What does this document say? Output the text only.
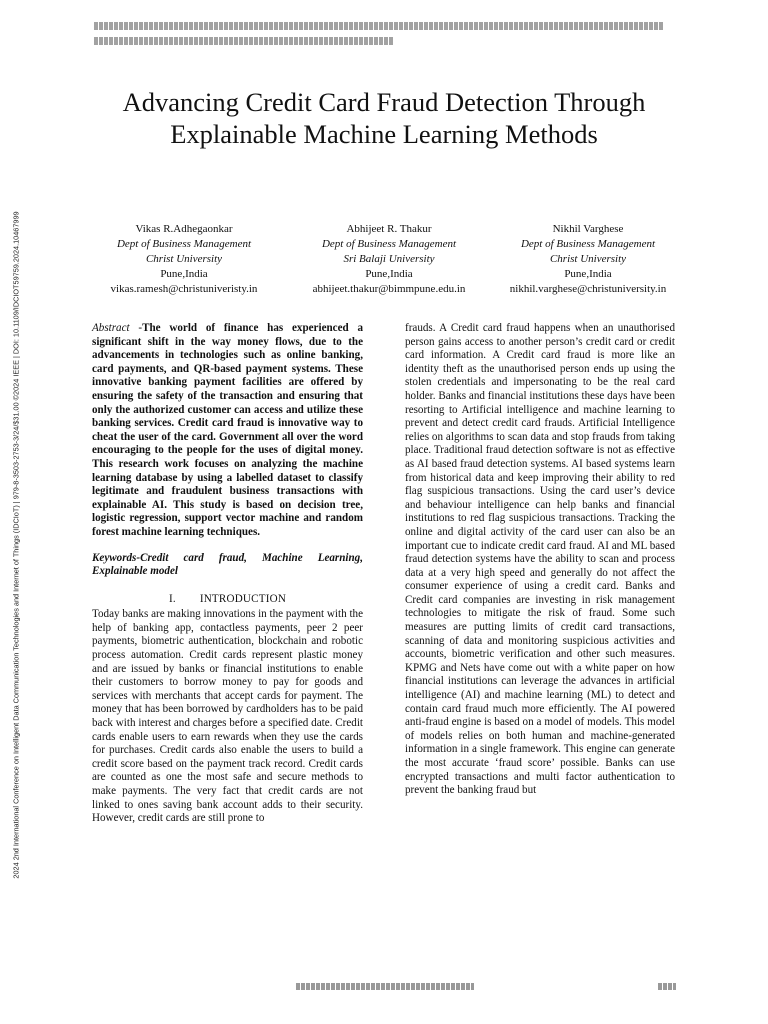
2024 2nd International Conference on Intelligent Data Communication Technologies and Internet of Things (IDCIoT) | 979-8-3503-2753-3/24/$31.00 ©2024 IEEE | DOI: 10.1109/IDCIOT59759.2024.10467999
Advancing Credit Card Fraud Detection Through Explainable Machine Learning Methods
Vikas R.Adhegaonkar
Dept of Business Management
Christ University
Pune,India
vikas.ramesh@christuniveristy.in
Abhijeet R. Thakur
Dept of Business Management
Sri Balaji University
Pune,India
abhijeet.thakur@bimmpune.edu.in
Nikhil Varghese
Dept of Business Management
Christ University
Pune,India
nikhil.varghese@christuniversity.in

Abstract -The world of finance has experienced a significant shift in the way money flows, due to the advancements in technologies such as online banking, card payments, and QR-based payment systems. These innovative banking payment facilities are offered by ensuring the safety of the transaction and ensuring that only the authorized customer can access and utilize these banking services. Credit card fraud is innovative way to cheat the user of the card. Government all over the word encouraging to the people for the uses of digital money. This research work focuses on analyzing the machine learning database by using a labelled dataset to classify legitimate and fraudulent business transactions with explainable AI. This study is based on decision tree, logistic regression, support vector machine and random forest machine learning techniques.

Keywords-Credit card fraud, Machine Learning, Explainable model

I. INTRODUCTION

Today banks are making innovations in the payment with the help of banking app, contactless payments, peer 2 peer payments, biometric authentication, blockchain and robotic process automation. Credit cards represent plastic money and are issued by banks or financial institutions to enable their customers to borrow money to pay for goods and services with merchants that accept cards for payment. The money that has been borrowed by cardholders has to be paid back with interest and charges before a specified date. Credit cards enable users to earn rewards when they use the cards for purchases. Credit cards also enable the users to build a credit score based on the payment track record. Credit cards are counted as one the most safe and secure methods to make payments. The very fact that credit cards are not linked to ones saving bank account adds to their security. However, credit cards are still prone to

frauds. A Credit card fraud happens when an unauthorised person gains access to another person’s credit card or credit card information. A Credit card fraud is more like an identity theft as the unauthorised person ends up using the stolen credentials and impersonating to be the real card holder. Banks and financial institutions these days have been resorting to Artificial intelligence and machine learning to prevent and detect credit card frauds. Artificial Intelligence relies on algorithms to scan data and stop frauds from taking place. Traditional fraud detection software is not as effective as AI based fraud detection systems. AI based systems learn from historical data and keep improving their ability to red flag suspicious transactions. Using the card user’s device and behaviour intelligence can help banks and financial institutions to red flag suspicious transactions. Tracking the online and digital activity of the card user can also be an important cue to indicate credit card fraud. AI and ML based fraud detection systems have the ability to scan and process data at a very high speed and generally do not affect the consumer experience of using a credit card. Banks and Credit card companies are investing in risk management technologies to mitigate the risk of fraud. Some such measures are putting limits of credit card transactions, scanning of data and monitoring suspicious activities and accounts, biometric verification and other such measures. KPMG and Nets have come out with a white paper on how financial institutions can leverage the advances in artificial intelligence (AI) and machine learning (ML) to detect and contain card fraud much more efficiently. The AI powered anti-fraud engine is based on a model of models. This model of models relies on both human and machine-generated information in a single framework. This engine can generate the most accurate ‘fraud score’ possible. Banks can use encrypted transactions and multi factor authentication to prevent the banking fraud but
